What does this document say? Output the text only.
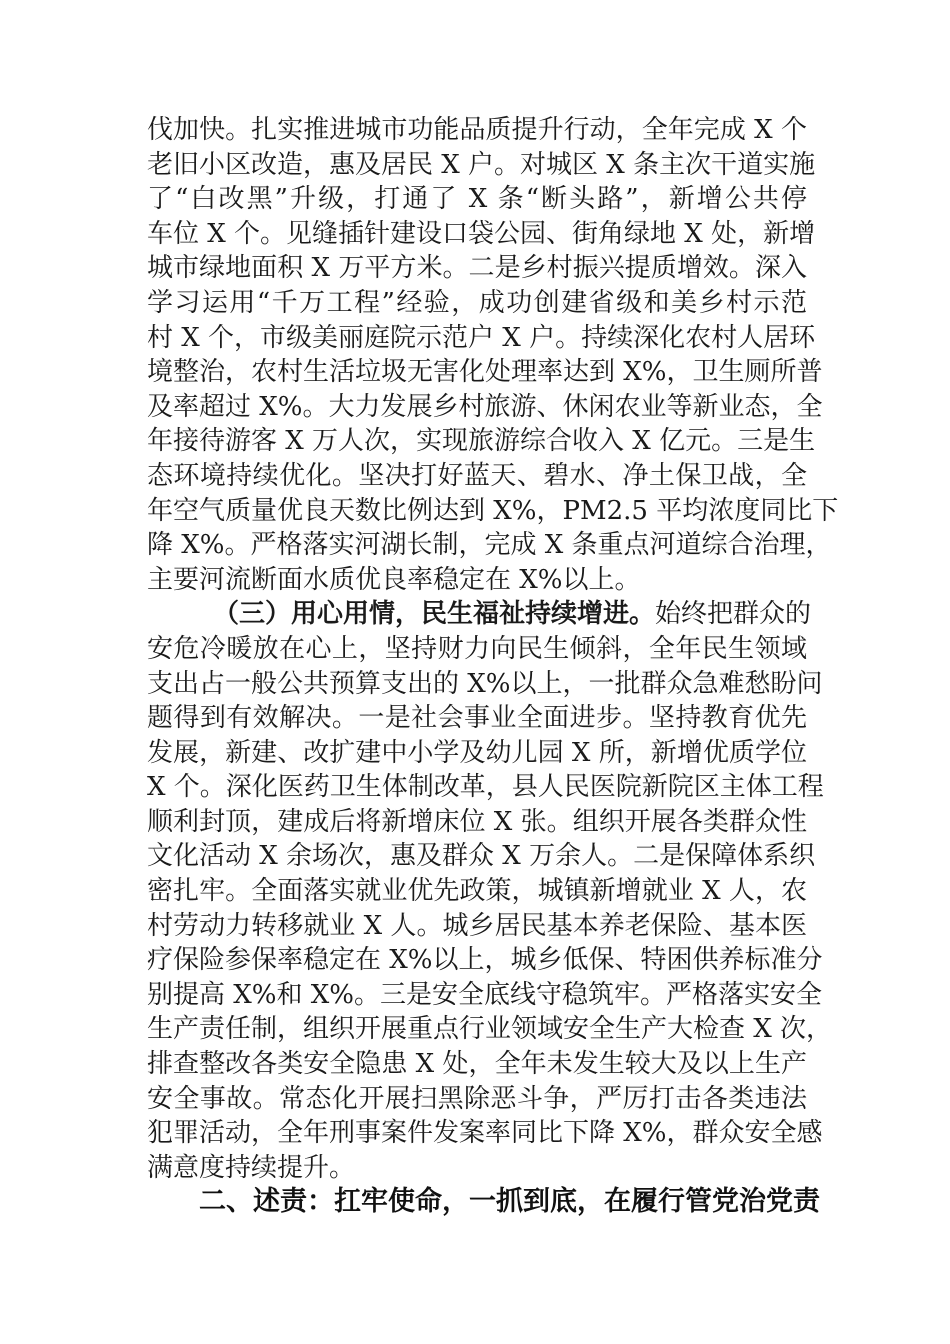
伐加快。扎实推进城市功能品质提升行动，全年完成 X 个
老旧小区改造，惠及居民 X 户。对城区 X 条主次干道实施
了“白改黑”升级，打通了 X 条“断头路”，新增公共停
车位 X 个。见缝插针建设口袋公园、街角绿地 X 处，新增
城市绿地面积 X 万平方米。二是乡村振兴提质增效。深入
学习运用“千万工程”经验，成功创建省级和美乡村示范
村 X 个，市级美丽庭院示范户 X 户。持续深化农村人居环
境整治，农村生活垃圾无害化处理率达到 X%，卫生厕所普
及率超过 X%。大力发展乡村旅游、休闲农业等新业态，全
年接待游客 X 万人次，实现旅游综合收入 X 亿元。三是生
态环境持续优化。坚决打好蓝天、碧水、净土保卫战，全
年空气质量优良天数比例达到 X%，PM2.5 平均浓度同比下
降 X%。严格落实河湖长制，完成 X 条重点河道综合治理，
主要河流断面水质优良率稳定在 X%以上。
（三）用心用情，民生福祉持续增进。始终把群众的
安危冷暖放在心上，坚持财力向民生倾斜，全年民生领域
支出占一般公共预算支出的 X%以上，一批群众急难愁盼问
题得到有效解决。一是社会事业全面进步。坚持教育优先
发展，新建、改扩建中小学及幼儿园 X 所，新增优质学位
X 个。深化医药卫生体制改革，县人民医院新院区主体工程
顺利封顶，建成后将新增床位 X 张。组织开展各类群众性
文化活动 X 余场次，惠及群众 X 万余人。二是保障体系织
密扎牢。全面落实就业优先政策，城镇新增就业 X 人，农
村劳动力转移就业 X 人。城乡居民基本养老保险、基本医
疗保险参保率稳定在 X%以上，城乡低保、特困供养标准分
别提高 X%和 X%。三是安全底线守稳筑牢。严格落实安全
生产责任制，组织开展重点行业领域安全生产大检查 X 次，
排查整改各类安全隐患 X 处，全年未发生较大及以上生产
安全事故。常态化开展扫黑除恶斗争，严厉打击各类违法
犯罪活动，全年刑事案件发案率同比下降 X%，群众安全感
满意度持续提升。
二、述责：扛牢使命，一抓到底，在履行管党治党责
